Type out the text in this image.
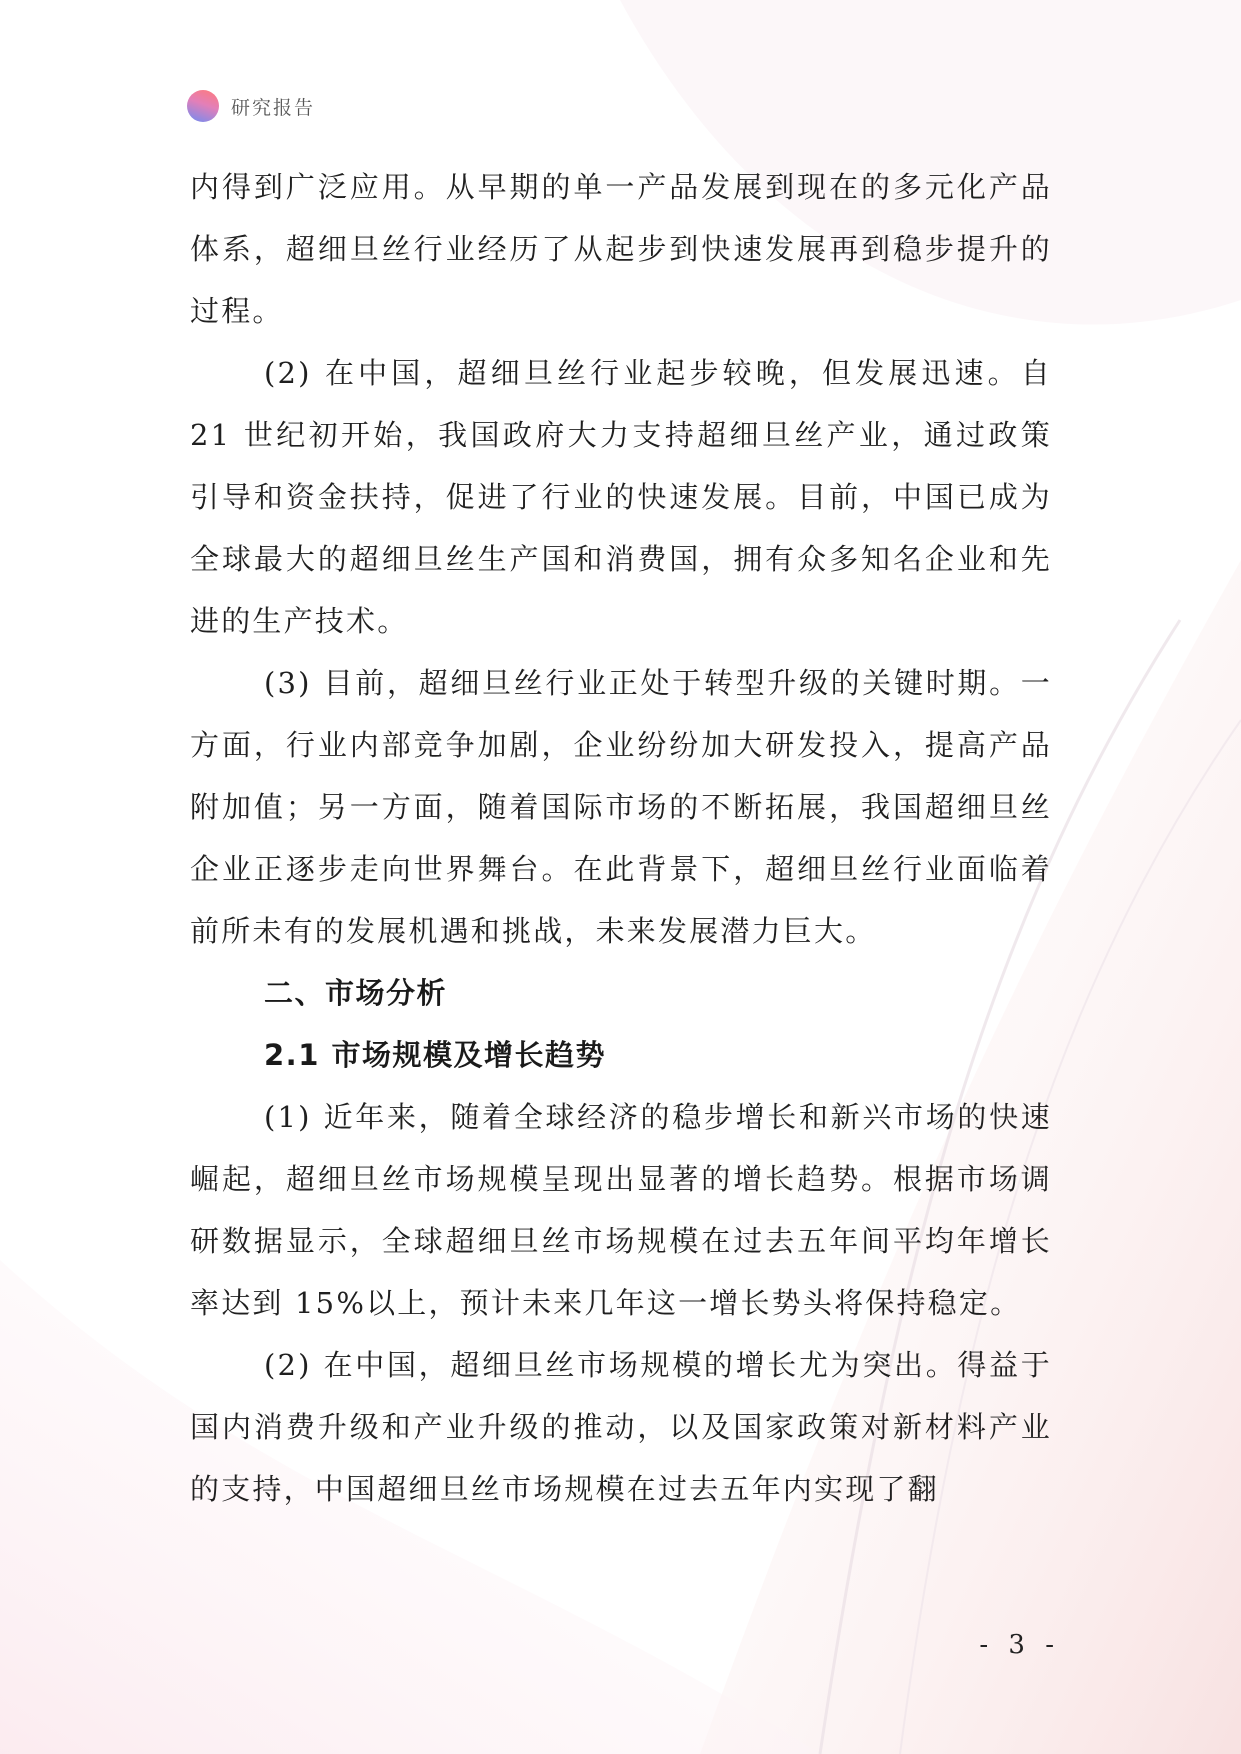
研究报告

内得到广泛应用。从早期的单一产品发展到现在的多元化产品体系，超细旦丝行业经历了从起步到快速发展再到稳步提升的过程。

(2) 在中国，超细旦丝行业起步较晚，但发展迅速。自 21 世纪初开始，我国政府大力支持超细旦丝产业，通过政策引导和资金扶持，促进了行业的快速发展。目前，中国已成为全球最大的超细旦丝生产国和消费国，拥有众多知名企业和先进的生产技术。

(3) 目前，超细旦丝行业正处于转型升级的关键时期。一方面，行业内部竞争加剧，企业纷纷加大研发投入，提高产品附加值；另一方面，随着国际市场的不断拓展，我国超细旦丝企业正逐步走向世界舞台。在此背景下，超细旦丝行业面临着前所未有的发展机遇和挑战，未来发展潜力巨大。

二、市场分析
2.1 市场规模及增长趋势

(1) 近年来，随着全球经济的稳步增长和新兴市场的快速崛起，超细旦丝市场规模呈现出显著的增长趋势。根据市场调研数据显示，全球超细旦丝市场规模在过去五年间平均年增长率达到 15%以上，预计未来几年这一增长势头将保持稳定。

(2) 在中国，超细旦丝市场规模的增长尤为突出。得益于国内消费升级和产业升级的推动，以及国家政策对新材料产业的支持，中国超细旦丝市场规模在过去五年内实现了翻

- 3 -
